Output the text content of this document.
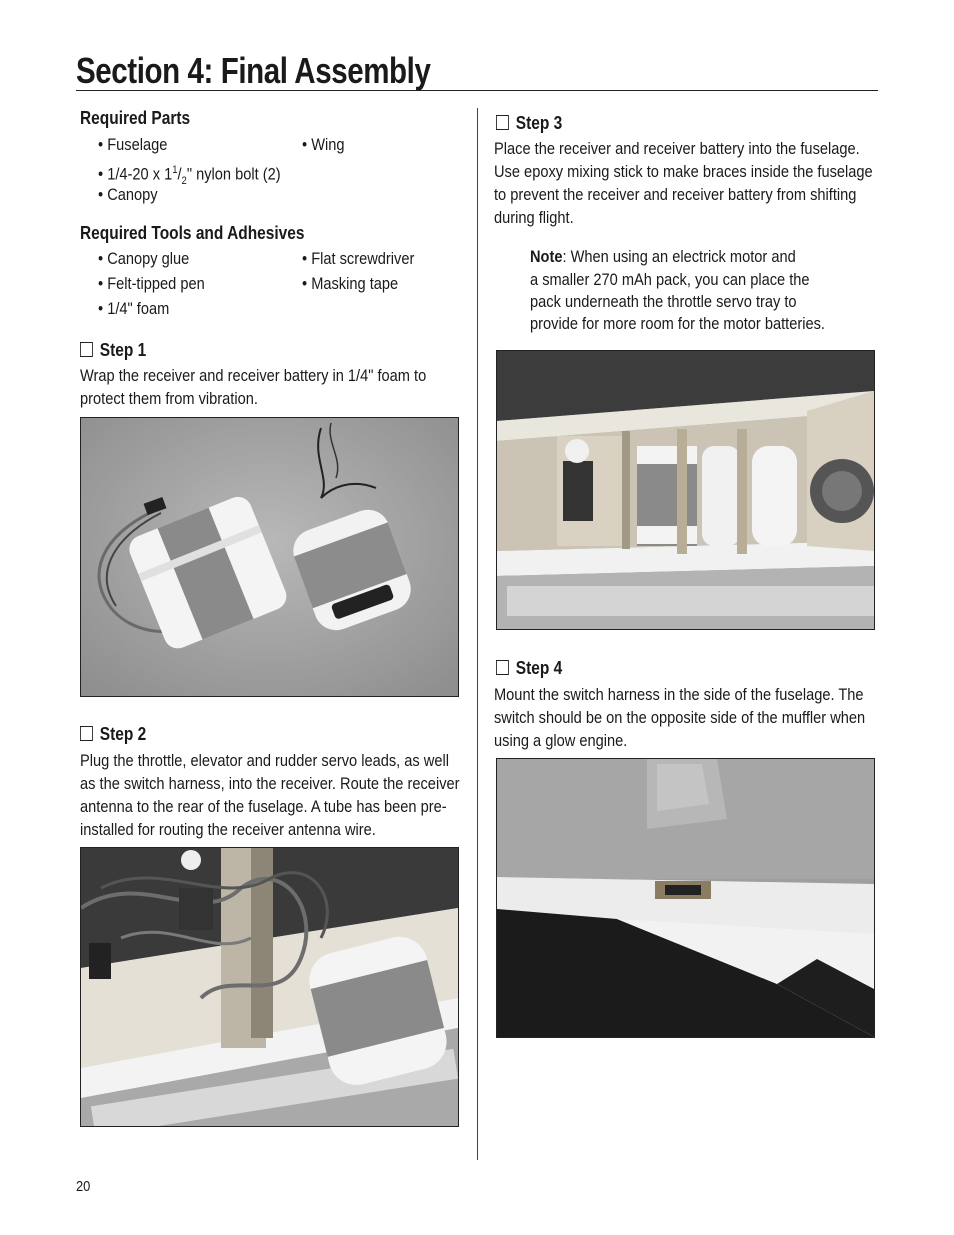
Section 4: Final Assembly
Required Parts
• Fuselage	• Wing
• 1/4-20 x $1^1/_2$" nylon bolt (2)
• Canopy
Required Tools and Adhesives
• Canopy glue	• Flat screwdriver
• Felt-tipped pen	• Masking tape
• 1/4" foam
Step 1
Wrap the receiver and receiver battery in 1/4" foam to
protect them from vibration.
Step 2
Plug the throttle, elevator and rudder servo leads, as well
as the switch harness, into the receiver. Route the receiver
antenna to the rear of the fuselage. A tube has been pre-
installed for routing the receiver antenna wire.
Step 3
Place the receiver and receiver battery into the fuselage.
Use epoxy mixing stick to make braces inside the fuselage
to prevent the receiver and receiver battery from shifting
during flight.
Note: When using an electrick motor and
a smaller 270 mAh pack, you can place the
pack underneath the throttle servo tray to
provide for more room for the motor batteries.
Step 4
Mount the switch harness in the side of the fuselage. The
switch should be on the opposite side of the muffler when
using a glow engine.
20
